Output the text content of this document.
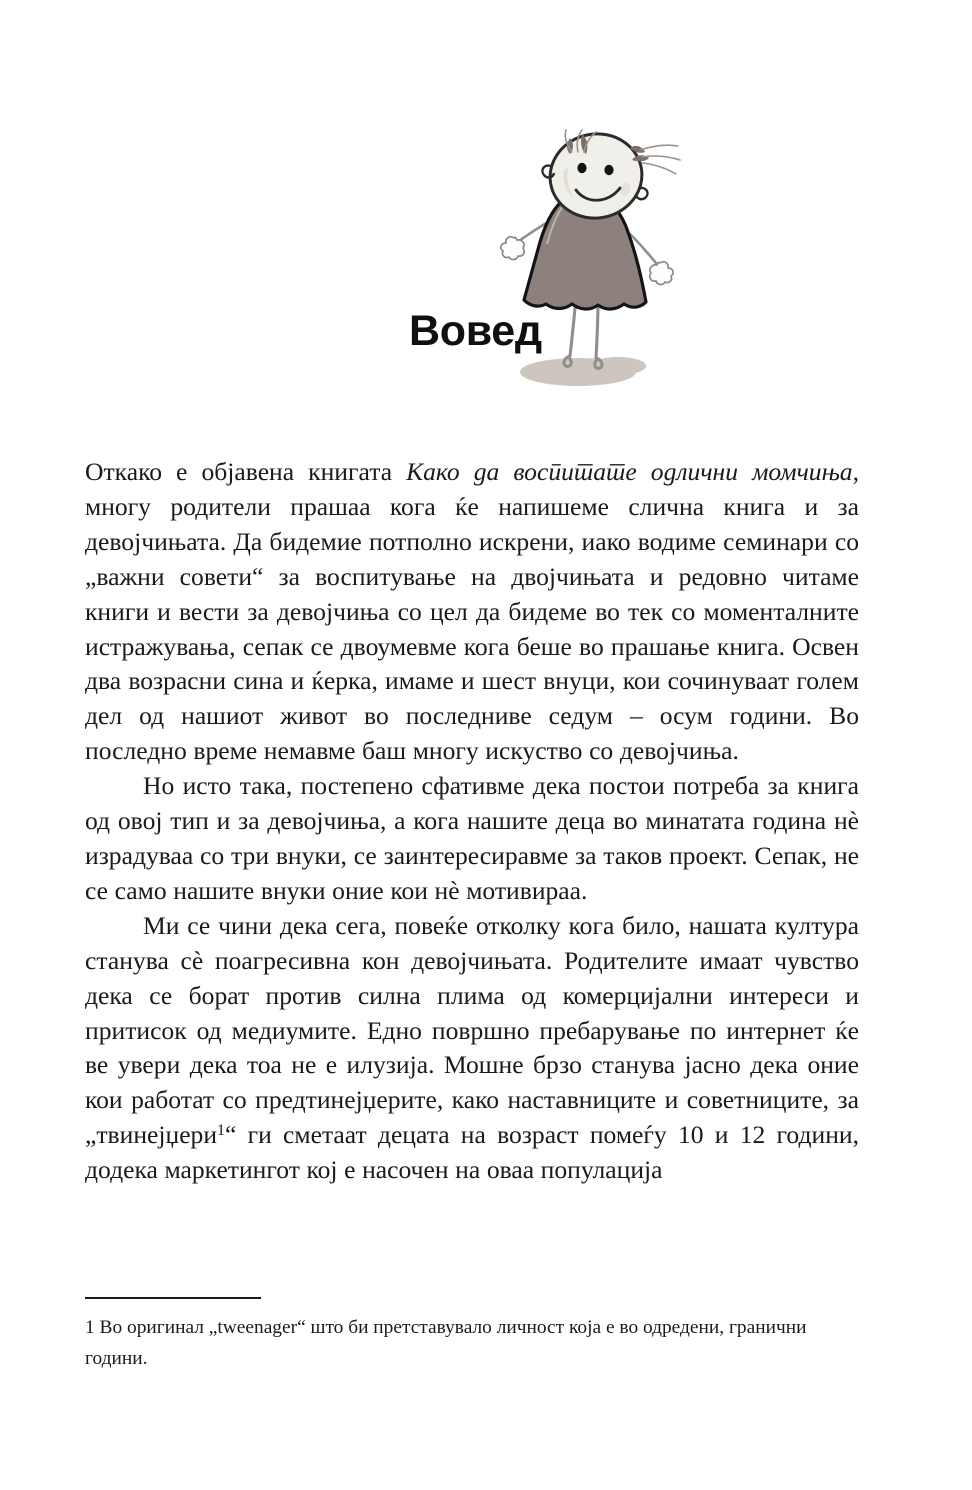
Вовед

Откако е објавена книгата Како да воспитате одлични момчиња, многу родители прашаа кога ќе напишеме слична книга и за девојчињата. Да бидемие потполно искрени, иако водиме семинари со „важни совети“ за воспитување на двојчињата и редовно читаме книги и вести за девојчиња со цел да бидеме во тек со моменталните истражувања, сепак се двоумевме кога беше во прашање книга. Освен два возрасни сина и ќерка, имаме и шест внуци, кои сочинуваат голем дел од нашиот живот во последниве седум – осум години. Во последно време немавме баш многу искуство со девојчиња.

Но исто така, постепено сфативме дека постои потреба за книга од овој тип и за девојчиња, а кога нашите деца во минатата година нѐ израдуваа со три внуки, се заинтересиравме за таков проект. Сепак, не се само нашите внуки оние кои нѐ мотивираа.

Ми се чини дека сега, повеќе отколку кога било, нашата култура станува сѐ поагресивна кон девојчињата. Родителите имаат чувство дека се борат против силна плима од комерцијални интереси и притисок од медиумите. Едно површно пребарување по интернет ќе ве увери дека тоа не е илузија. Мошне брзо станува јасно дека оние кои работат со предтинејџерите, како наставниците и советниците, за „твинејџери$^1$“ ги сметаат децата на возраст помеѓу 10 и 12 години, додека маркетингот кој е насочен на оваа популација

1 Во оригинал „tweenager“ што би претставувало личност која е во одредени, гранични години.
